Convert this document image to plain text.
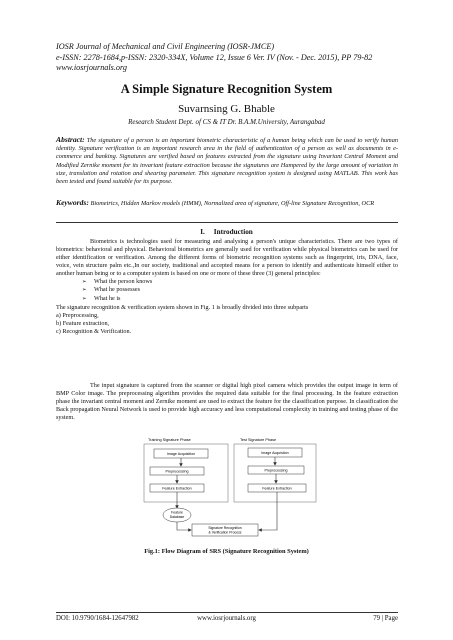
IOSR Journal of Mechanical and Civil Engineering (IOSR-JMCE)
e-ISSN: 2278-1684,p-ISSN: 2320-334X, Volume 12, Issue 6 Ver. IV (Nov. - Dec. 2015), PP 79-82
www.iosrjournals.org
A Simple Signature Recognition System
Suvarnsing G. Bhable
Research Student Dept. of CS & IT Dr. B.A.M.University, Aurangabad
Abstract: The signature of a person is an important biometric characteristic of a human being which can be used to verify human identity. Signature verification is an important research area in the field of authentication of a person as well as documents in e-commerce and banking. Signatures are verified based on features extracted from the signature using Invariant Central Moment and Modified Zernike moment for its invariant feature extraction because the signatures are Hampered by the large amount of variation in size, translation and rotation and shearing parameter. This signature recognition system is designed using MATLAB. This work has been tested and found suitable for its purpose.
Keywords: Biometrics, Hidden Markov models (HMM), Normalized area of signature, Off-line Signature Recognition, OCR
I. Introduction

Biometrics is technologies used for measuring and analysing a person's unique characteristics. There are two types of biometrics: behavioral and physical. Behavioral biometrics are generally used for verification while physical biometrics can be used for either identification or verification. Among the different forms of biometric recognition systems such as fingerprint, iris, DNA, face, voice, vein structure palm etc.,In our society, traditional and accepted means for a person to identify and authenticate himself either to another human being or to a computer system is based on one or more of these three (3) general principles:

➢ What the person knows

➢ What he possesses

➢ What he is

The signature recognition & verification system shown in Fig. 1 is broadly divided into three subparts

a) Preprocessing,

b) Feature extraction,

c) Recognition & Verification.

The input signature is captured from the scanner or digital high pixel camera which provides the output image in term of BMP Color image. The preprocessing algorithm provides the required data suitable for the final processing. In the feature extraction phase the invariant central moment and Zernike moment are used to extract the feature for the classification purpose. In classification the Back propagation Neural Network is used to provide high accuracy and less computational complexity in training and testing phase of the system.
Training Signature Phase	Test Signature Phase
Image Acquisition
Preprocessing
Feature Extraction
Image Acquistion
Preprocessing
Feature Extraction
Feature
Database
Signature Recognition
& Verification Process
Fig.1: Flow Diagram of SRS (Signature Recognition System)
DOI: 10.9790/1684-12647982	www.iosrjournals.org	79 | Page
